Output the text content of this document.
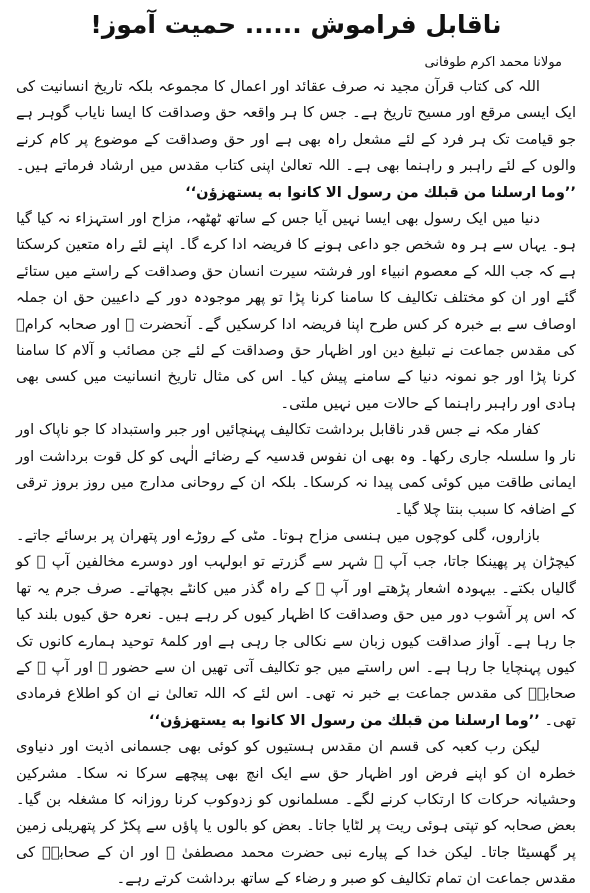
ناقابل فراموش ...... حمیت آموز!
مولانا محمد اکرم طوفانی

اللہ کی کتاب قرآن مجید نہ صرف عقائد اور اعمال کا مجموعہ بلکہ تاریخ انسانیت کی ایک ایسی مرقع اور مسیح تاریخ ہے۔ جس کا ہر واقعہ حق وصداقت کا ایسا نایاب گوہر ہے جو قیامت تک ہر فرد کے لئے مشعل راہ بھی ہے اور حق وصداقت کے موضوع پر کام کرنے والوں کے لئے راہبر و راہنما بھی ہے۔ اللہ تعالیٰ اپنی کتاب مقدس میں ارشاد فرماتے ہیں۔ ’’وما ارسلنا من قبلك من رسول الا كانوا به يستهزؤن‘‘

دنیا میں ایک رسول بھی ایسا نہیں آیا جس کے ساتھ ٹھٹھہ، مزاح اور استہزاء نہ کیا گیا ہو۔ یہاں سے ہر وہ شخص جو داعی ہونے کا فریضہ ادا کرے گا۔ اپنے لئے راہ متعین کرسکتا ہے کہ جب اللہ کے معصوم انبیاء اور فرشتہ سیرت انسان حق وصداقت کے راستے میں ستائے گئے اور ان کو مختلف تکالیف کا سامنا کرنا پڑا تو پھر موجودہ دور کے داعیین حق ان جملہ اوصاف سے بے خبرہ کر کس طرح اپنا فریضہ ادا کرسکیں گے۔ آنحضرت ﷺ اور صحابہ کرامؓ کی مقدس جماعت نے تبلیغ دین اور اظہار حق وصداقت کے لئے جن مصائب و آلام کا سامنا کرنا پڑا اور جو نمونہ دنیا کے سامنے پیش کیا۔ اس کی مثال تاریخ انسانیت میں کسی بھی ہادی اور راہبر راہنما کے حالات میں نہیں ملتی۔

کفار مکہ نے جس قدر ناقابل برداشت تکالیف پہنچائیں اور جبر واستبداد کا جو ناپاک اور نار وا سلسلہ جاری رکھا۔ وہ بھی ان نفوس قدسیہ کے رضائے الٰہی کو کل قوت برداشت اور ایمانی طاقت میں کوئی کمی پیدا نہ کرسکا۔ بلکہ ان کے روحانی مدارج میں روز بروز ترقی کے اضافہ کا سبب بنتا چلا گیا۔

بازاروں، گلی کوچوں میں ہنسی مزاح ہوتا۔ مٹی کے روڑے اور پتھران پر برسائے جاتے۔ کیچڑان پر پھینکا جاتا، جب آپ ﷺ شہر سے گزرتے تو ابولہب اور دوسرے مخالفین آپ ﷺ کو گالیاں بکتے۔ بیہودہ اشعار پڑھتے اور آپ ﷺ کے راہ گذر میں کانٹے بچھاتے۔ صرف جرم یہ تھا کہ اس پر آشوب دور میں حق وصداقت کا اظہار کیوں کر رہے ہیں۔ نعرہ حق کیوں بلند کیا جا رہا ہے۔ آواز صداقت کیوں زبان سے نکالی جا رہی ہے اور کلمۂ توحید ہمارے کانوں تک کیوں پہنچایا جا رہا ہے۔ اس راستے میں جو تکالیف آتی تھیں ان سے حضور ﷺ اور آپ ﷺ کے صحابہؓ کی مقدس جماعت بے خبر نہ تھی۔ اس لئے کہ اللہ تعالیٰ نے ان کو اطلاع فرمادی تھی۔ ’’وما ارسلنا من قبلك من رسول الا كانوا به يستهزؤن‘‘

لیکن رب کعبہ کی قسم ان مقدس ہستیوں کو کوئی بھی جسمانی اذیت اور دنیاوی خطرہ ان کو اپنے فرض اور اظہار حق سے ایک انچ بھی پیچھے سرکا نہ سکا۔ مشرکین وحشیانہ حرکات کا ارتکاب کرنے لگے۔ مسلمانوں کو زدوکوب کرنا روزانہ کا مشغلہ بن گیا۔ بعض صحابہ کو تپتی ہوئی ریت پر لٹایا جاتا۔ بعض کو بالوں یا پاؤں سے پکڑ کر پتھریلی زمین پر گھسیٹا جاتا۔ لیکن خدا کے پیارے نبی حضرت محمد مصطفیٰ ﷺ اور ان کے صحابہؓ کی مقدس جماعت ان تمام تکالیف کو صبر و رضاء کے ساتھ برداشت کرتے رہے۔
